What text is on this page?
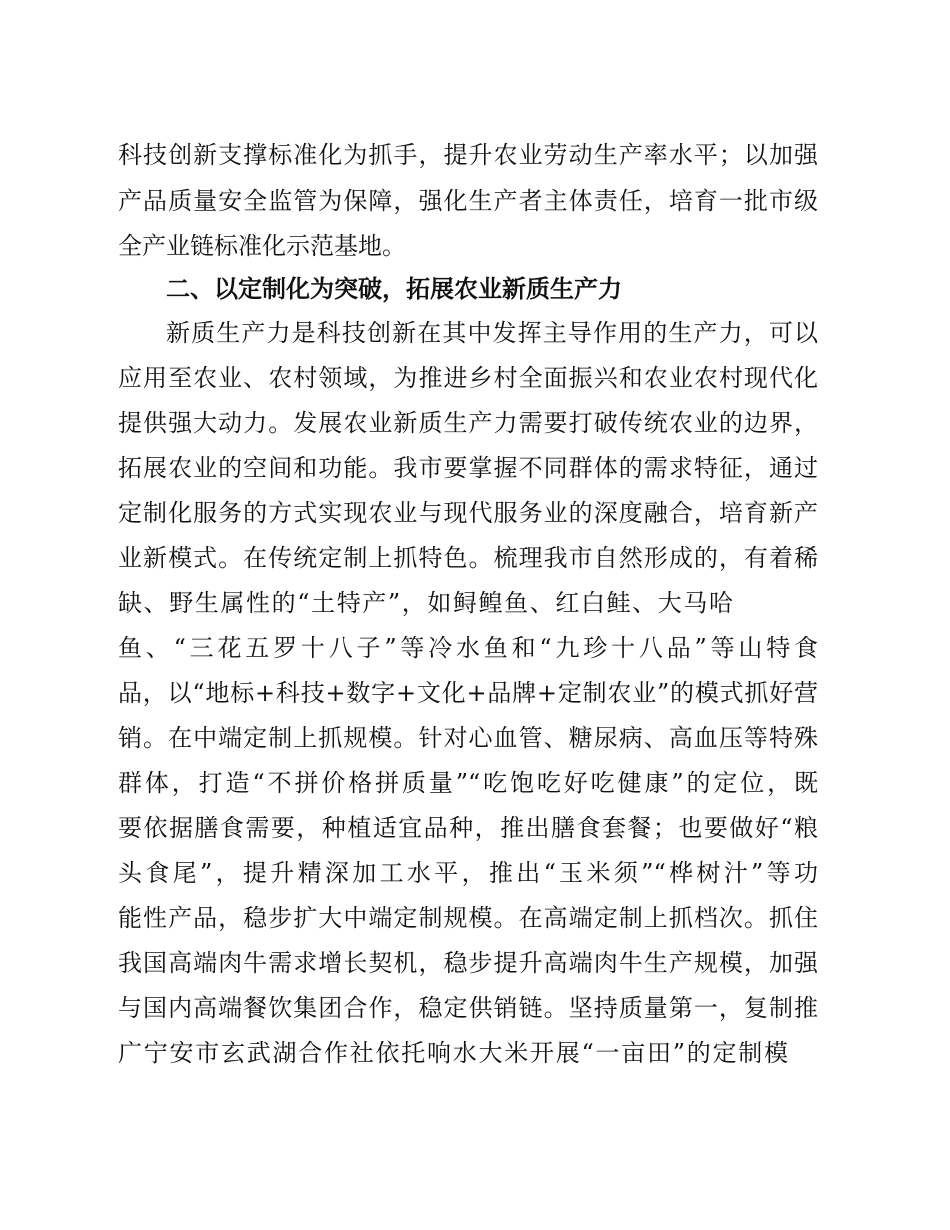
科技创新支撑标准化为抓手，提升农业劳动生产率水平；以加强
产品质量安全监管为保障，强化生产者主体责任，培育一批市级
全产业链标准化示范基地。
二、以定制化为突破，拓展农业新质生产力
新质生产力是科技创新在其中发挥主导作用的生产力，可以
应用至农业、农村领域，为推进乡村全面振兴和农业农村现代化
提供强大动力。发展农业新质生产力需要打破传统农业的边界，
拓展农业的空间和功能。我市要掌握不同群体的需求特征，通过
定制化服务的方式实现农业与现代服务业的深度融合，培育新产
业新模式。在传统定制上抓特色。梳理我市自然形成的，有着稀
缺、野生属性的“土特产”，如鲟鳇鱼、红白鲑、大马哈
鱼、“三花五罗十八子”等冷水鱼和“九珍十八品”等山特食
品，以“地标+科技+数字+文化+品牌+定制农业”的模式抓好营
销。在中端定制上抓规模。针对心血管、糖尿病、高血压等特殊
群体，打造“不拼价格拼质量”“吃饱吃好吃健康”的定位，既
要依据膳食需要，种植适宜品种，推出膳食套餐；也要做好“粮
头食尾”，提升精深加工水平，推出“玉米须”“桦树汁”等功
能性产品，稳步扩大中端定制规模。在高端定制上抓档次。抓住
我国高端肉牛需求增长契机，稳步提升高端肉牛生产规模，加强
与国内高端餐饮集团合作，稳定供销链。坚持质量第一，复制推
广宁安市玄武湖合作社依托响水大米开展“一亩田”的定制模
